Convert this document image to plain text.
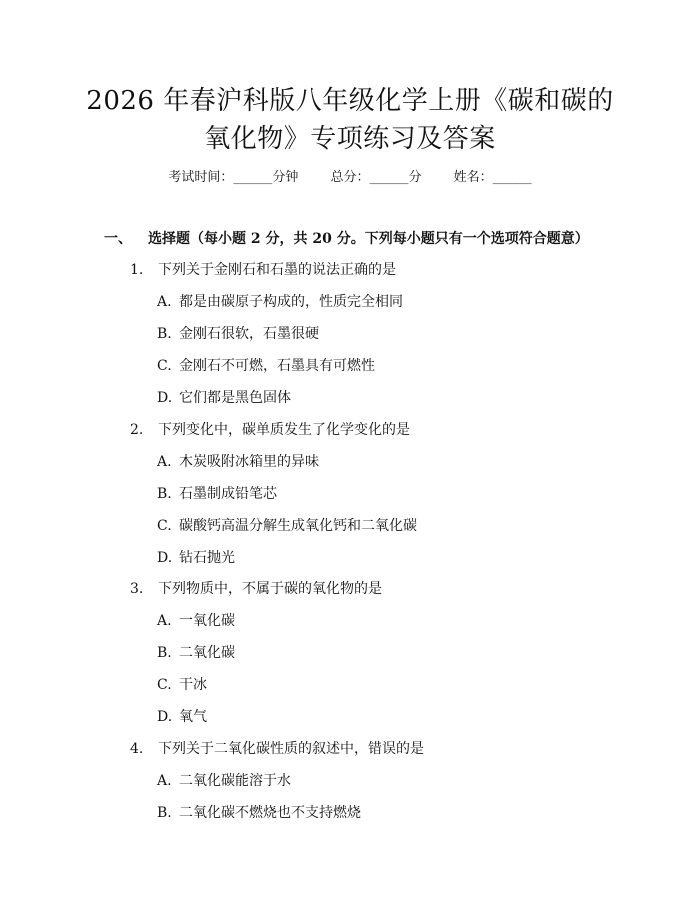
2026 年春沪科版八年级化学上册《碳和碳的
氧化物》专项练习及答案
考试时间：______分钟 总分：______分 姓名：______
一、 选择题（每小题 2 分，共 20 分。下列每小题只有一个选项符合题意）
1. 下列关于金刚石和石墨的说法正确的是
A. 都是由碳原子构成的，性质完全相同
B. 金刚石很软，石墨很硬
C. 金刚石不可燃，石墨具有可燃性
D. 它们都是黑色固体
2. 下列变化中，碳单质发生了化学变化的是
A. 木炭吸附冰箱里的异味
B. 石墨制成铅笔芯
C. 碳酸钙高温分解生成氧化钙和二氧化碳
D. 钻石抛光
3. 下列物质中，不属于碳的氧化物的是
A. 一氧化碳
B. 二氧化碳
C. 干冰
D. 氧气
4. 下列关于二氧化碳性质的叙述中，错误的是
A. 二氧化碳能溶于水
B. 二氧化碳不燃烧也不支持燃烧
